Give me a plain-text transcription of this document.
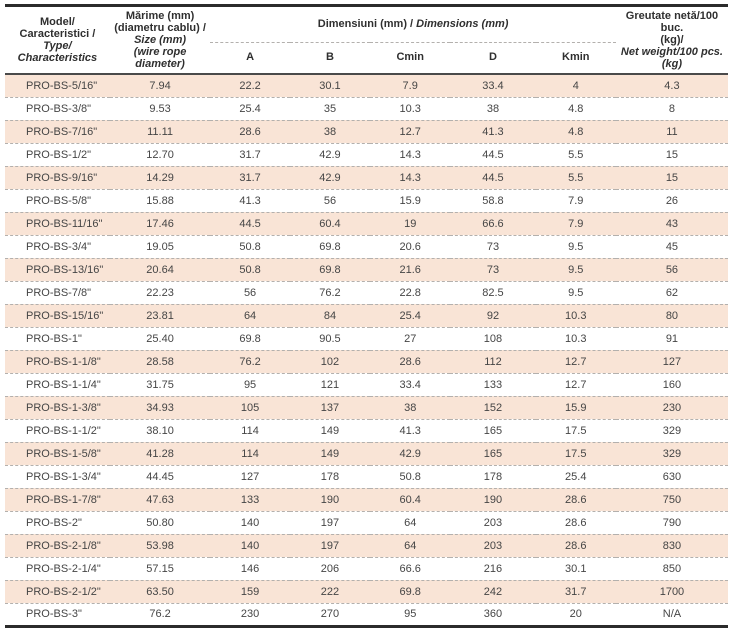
Model/
Caracteristici /
Type/
Characteristics	Mărime (mm)
(diametru cablu) /
Size (mm)
(wire rope diameter)	Dimensiuni (mm) / Dimensions (mm)					Greutate netă/100 buc.
(kg)/
Net weight/100 pcs.
(kg)
		A	B	Cmin	D	Kmin	
PRO-BS-5/16"	7.94	22.2	30.1	7.9	33.4	4	4.3
PRO-BS-3/8"	9.53	25.4	35	10.3	38	4.8	8
PRO-BS-7/16"	11.11	28.6	38	12.7	41.3	4.8	11
PRO-BS-1/2"	12.70	31.7	42.9	14.3	44.5	5.5	15
PRO-BS-9/16"	14.29	31.7	42.9	14.3	44.5	5.5	15
PRO-BS-5/8"	15.88	41.3	56	15.9	58.8	7.9	26
PRO-BS-11/16"	17.46	44.5	60.4	19	66.6	7.9	43
PRO-BS-3/4"	19.05	50.8	69.8	20.6	73	9.5	45
PRO-BS-13/16"	20.64	50.8	69.8	21.6	73	9.5	56
PRO-BS-7/8"	22.23	56	76.2	22.8	82.5	9.5	62
PRO-BS-15/16"	23.81	64	84	25.4	92	10.3	80
PRO-BS-1"	25.40	69.8	90.5	27	108	10.3	91
PRO-BS-1-1/8"	28.58	76.2	102	28.6	112	12.7	127
PRO-BS-1-1/4"	31.75	95	121	33.4	133	12.7	160
PRO-BS-1-3/8"	34.93	105	137	38	152	15.9	230
PRO-BS-1-1/2"	38.10	114	149	41.3	165	17.5	329
PRO-BS-1-5/8"	41.28	114	149	42.9	165	17.5	329
PRO-BS-1-3/4"	44.45	127	178	50.8	178	25.4	630
PRO-BS-1-7/8"	47.63	133	190	60.4	190	28.6	750
PRO-BS-2"	50.80	140	197	64	203	28.6	790
PRO-BS-2-1/8"	53.98	140	197	64	203	28.6	830
PRO-BS-2-1/4"	57.15	146	206	66.6	216	30.1	850
PRO-BS-2-1/2"	63.50	159	222	69.8	242	31.7	1700
PRO-BS-3"	76.2	230	270	95	360	20	N/A
